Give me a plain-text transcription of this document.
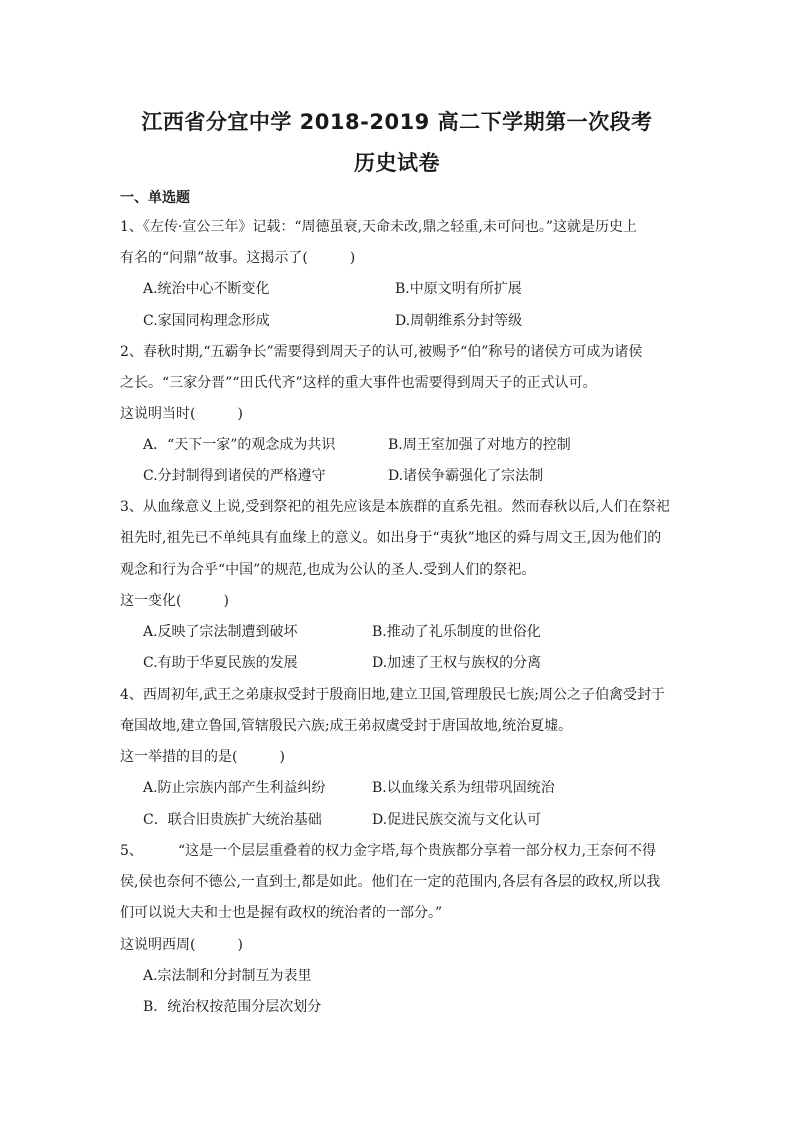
江西省分宜中学 2018-2019 高二下学期第一次段考
历史试卷
一、单选题
1、《左传·宣公三年》记载：“周德虽衰,天命未改,鼎之轻重,未可问也。”这就是历史上
有名的“问鼎”故事。这揭示了(　　　)
A.统治中心不断变化	B.中原文明有所扩展
C.家国同构理念形成	D.周朝维系分封等级
2、春秋时期,“五霸争长”需要得到周天子的认可,被赐予“伯”称号的诸侯方可成为诸侯
之长。“三家分晋”“田氏代齐”这样的重大事件也需要得到周天子的正式认可。
这说明当时(　　　)
A．“天下一家”的观念成为共识	B.周王室加强了对地方的控制
C.分封制得到诸侯的严格遵守	D.诸侯争霸强化了宗法制
3、从血缘意义上说,受到祭祀的祖先应该是本族群的直系先祖。然而春秋以后,人们在祭祀
祖先时,祖先已不单纯具有血缘上的意义。如出身于“夷狄”地区的舜与周文王,因为他们的
观念和行为合乎“中国”的规范,也成为公认的圣人.受到人们的祭祀。
这一变化(　　　)
A.反映了宗法制遭到破坏	B.推动了礼乐制度的世俗化
C.有助于华夏民族的发展	D.加速了王权与族权的分离
4、西周初年,武王之弟康叔受封于殷商旧地,建立卫国,管理殷民七族;周公之子伯禽受封于
奄国故地,建立鲁国,管辖殷民六族;成王弟叔虞受封于唐国故地,统治夏墟。
这一举措的目的是(　　　)
A.防止宗族内部产生利益纠纷	B.以血缘关系为纽带巩固统治
C．联合旧贵族扩大统治基础	D.促进民族交流与文化认可
5、	“这是一个层层重叠着的权力金字塔,每个贵族都分享着一部分权力,王奈何不得
侯,侯也奈何不德公,一直到士,都是如此。他们在一定的范围内,各层有各层的政权,所以我
们可以说大夫和士也是握有政权的统治者的一部分。”
这说明西周(　　　)
A.宗法制和分封制互为表里
B．统治权按范围分层次划分
